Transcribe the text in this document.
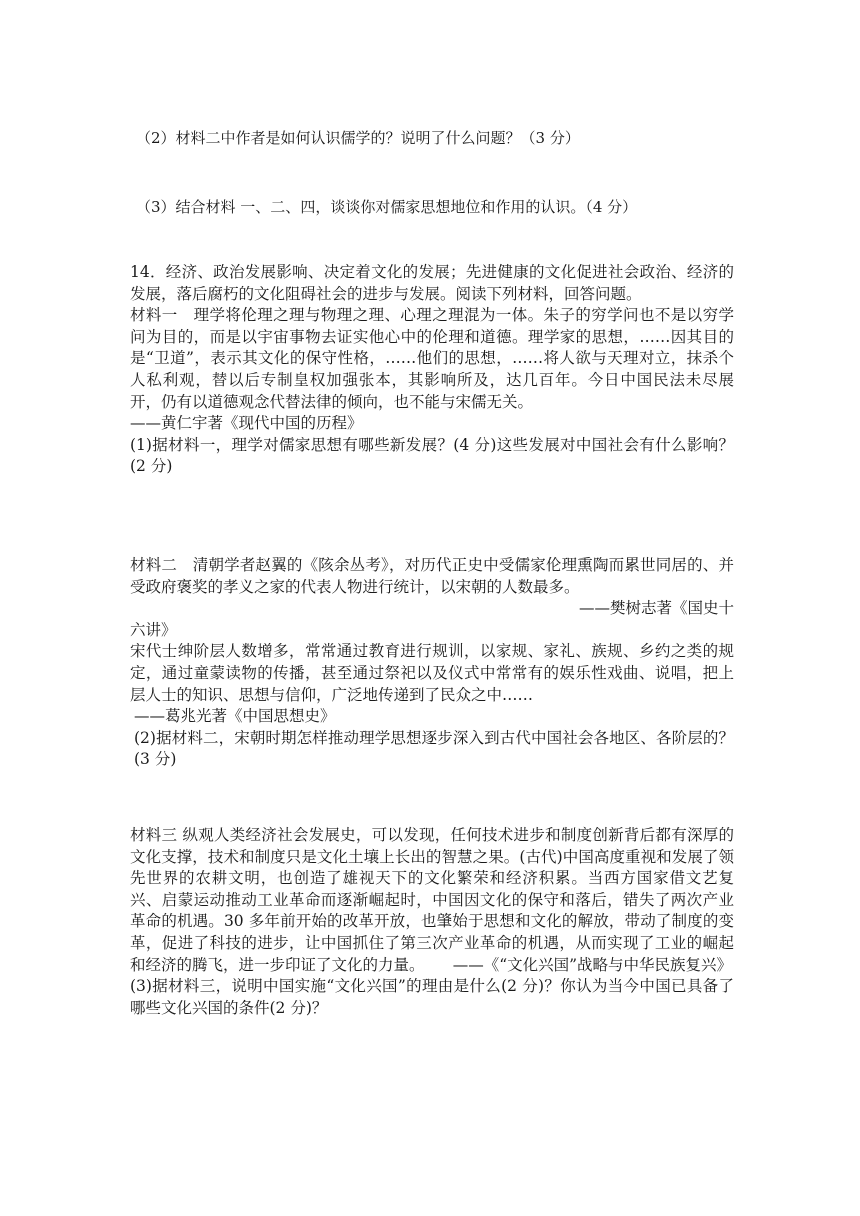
（2）材料二中作者是如何认识儒学的？说明了什么问题？（3 分）
（3）结合材料 一、二、四，谈谈你对儒家思想地位和作用的认识。（4 分）

14．经济、政治发展影响、决定着文化的发展；先进健康的文化促进社会政治、经济的发展，落后腐朽的文化阻碍社会的进步与发展。阅读下列材料，回答问题。

材料一　理学将伦理之理与物理之理、心理之理混为一体。朱子的穷学问也不是以穷学问为目的，而是以宇宙事物去证实他心中的伦理和道德。理学家的思想，……因其目的是“卫道”，表示其文化的保守性格，……他们的思想，……将人欲与天理对立，抹杀个人私利观，替以后专制皇权加强张本，其影响所及，达几百年。今日中国民法未尽展开，仍有以道德观念代替法律的倾向，也不能与宋儒无关。

——黄仁宇著《现代中国的历程》

(1)据材料一，理学对儒家思想有哪些新发展？(4 分)这些发展对中国社会有什么影响？(2 分)

材料二　清朝学者赵翼的《陔余丛考》，对历代正史中受儒家伦理熏陶而累世同居的、并受政府褒奖的孝义之家的代表人物进行统计，以宋朝的人数最多。

——樊树志著《国史十

六讲》

宋代士绅阶层人数增多，常常通过教育进行规训，以家规、家礼、族规、乡约之类的规定，通过童蒙读物的传播，甚至通过祭祀以及仪式中常常有的娱乐性戏曲、说唱，把上层人士的知识、思想与信仰，广泛地传递到了民众之中……

——葛兆光著《中国思想史》

(2)据材料二，宋朝时期怎样推动理学思想逐步深入到古代中国社会各地区、各阶层的？(3 分)

材料三 纵观人类经济社会发展史，可以发现，任何技术进步和制度创新背后都有深厚的文化支撑，技术和制度只是文化土壤上长出的智慧之果。(古代)中国高度重视和发展了领先世界的农耕文明，也创造了雄视天下的文化繁荣和经济积累。当西方国家借文艺复兴、启蒙运动推动工业革命而逐渐崛起时，中国因文化的保守和落后，错失了两次产业革命的机遇。30 多年前开始的改革开放，也肇始于思想和文化的解放，带动了制度的变革，促进了科技的进步，让中国抓住了第三次产业革命的机遇，从而实现了工业的崛起和经济的腾飞，进一步印证了文化的力量。　　 ——《“文化兴国”战略与中华民族复兴》

(3)据材料三，说明中国实施“文化兴国”的理由是什么(2 分)？你认为当今中国已具备了哪些文化兴国的条件(2 分)？
